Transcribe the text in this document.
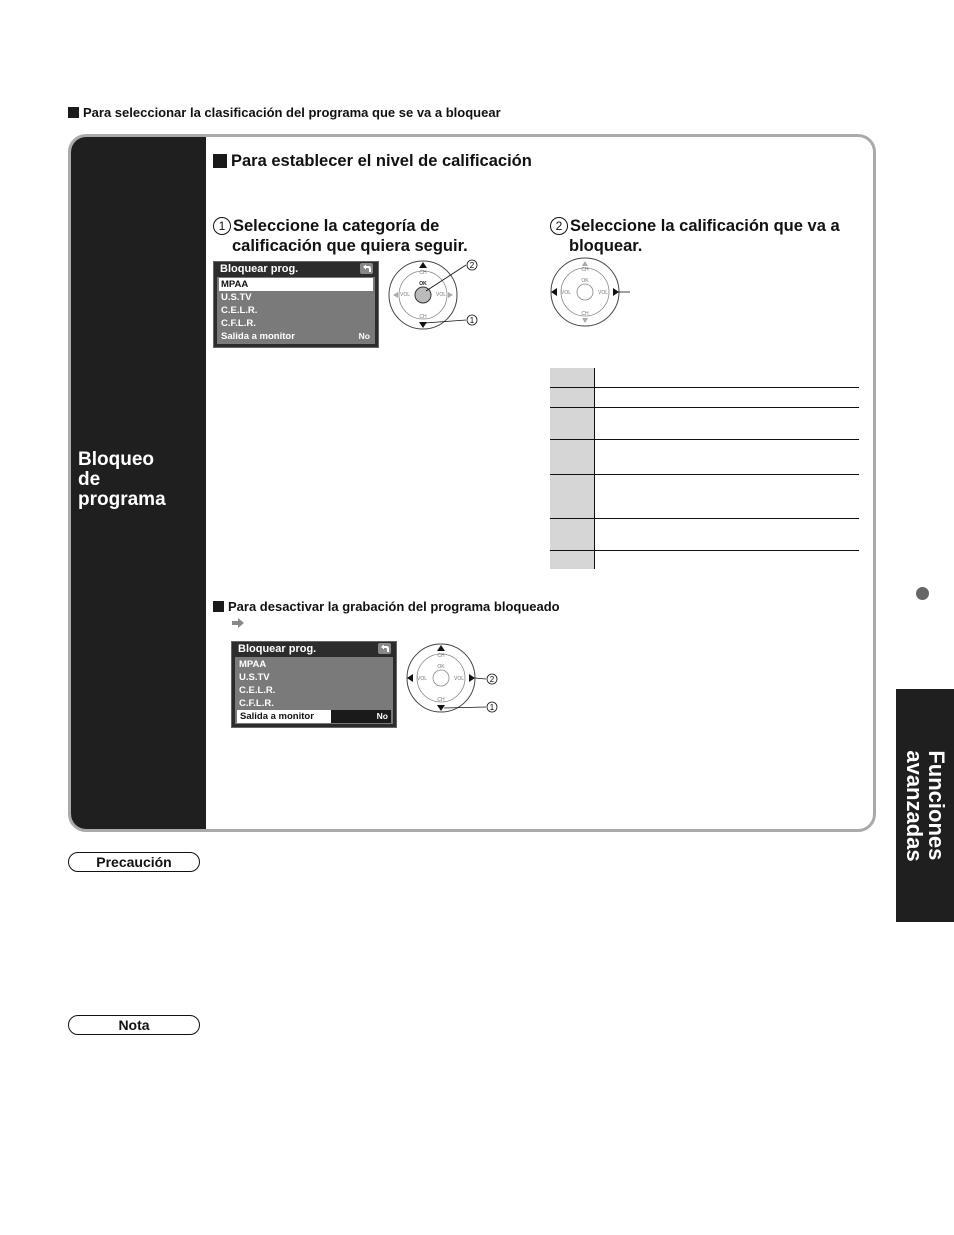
Para seleccionar la clasificación del programa que se va a bloquear
Bloqueo
de
programa
Para establecer el nivel de calificación
1 Seleccione la categoría de
calificación que quiera seguir.
2 Seleccione la calificación que va a
bloquear.
Bloquear prog.
MPAA
U.S.TV
C.E.L.R.
C.F.L.R.
Salida a monitor	No
OK
CH
CH
VOL	VOL
2
1
OK
CH
CH
VOL	VOL

Para desactivar la grabación del programa bloqueado
Bloquear prog.
MPAA
U.S.TV
C.E.L.R.
C.F.L.R.
Salida a monitor	No
OK
CH
CH
VOL	VOL	2
1
Funciones
avanzadas
Precaución
Nota
